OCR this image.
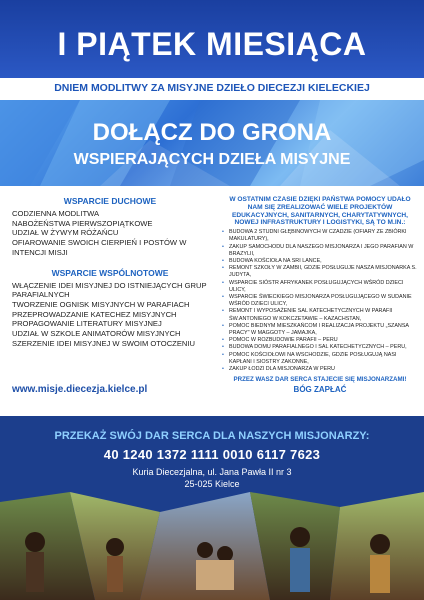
I PIĄTEK MIESIĄCA
DNIEM MODLITWY ZA MISYJNE DZIEŁO DIECEZJI KIELECKIEJ
DOŁĄCZ DO GRONA
WSPIERAJĄCYCH DZIEŁA MISYJNE
WSPARCIE DUCHOWE
CODZIENNA MODLITWA
NABOŻEŃSTWA PIERWSZOPIĄTKOWE
UDZIAŁ W ŻYWYM RÓŻAŃCU
OFIAROWANIE SWOICH CIERPIEŃ I POSTÓW W INTENCJI MISJI
WSPARCIE WSPÓLNOTOWE
WŁĄCZENIE IDEI MISYJNEJ DO ISTNIEJĄCYCH GRUP PARAFIALNYCH
TWORZENIE OGNISK MISYJNYCH W PARAFIACH
PRZEPROWADZANIE KATECHEZ MISYJNYCH
PROPAGOWANIE LITERATURY MISYJNEJ
UDZIAŁ W SZKOLE ANIMATORÓW MISYJNYCH
SZERZENIE IDEI MISYJNEJ W SWOIM OTOCZENIU
www.misje.diecezja.kielce.pl
W OSTATNIM CZASIE DZIĘKI PAŃSTWA POMOCY UDAŁO NAM SIĘ ZREALIZOWAĆ WIELE PROJEKTÓW EDUKACYJNYCH, SANITARNYCH, CHARYTATYWNYCH, NOWEJ INFRASTRUKTURY I LOGISTYKI, SĄ TO M.IN.:
• BUDOWA 2 STUDNI GŁĘBINOWYCH W CZADZIE (OFIARY ZE ZBIÓRKI MAKULATURY),
• ZAKUP SAMOCHODU DLA NASZEGO MISJONARZA I JEGO PARAFIAN W BRAZYLII,
• BUDOWA KOŚCIOŁA NA SRI LANCE,
• REMONT SZKOŁY W ZAMBII, GDZIE POSŁUGUJE NASZA MISJONARKA S. JUDYTA,
• WSPARCIE SIÓSTR AFRYKANEK POSŁUGUJĄCYCH WŚRÓD DZIECI ULICY,
• WSPARCIE ŚWIECKIEGO MISJONARZA POSŁUGUJĄCEGO W SUDANIE WŚRÓD DZIECI ULICY,
• REMONT I WYPOSAŻENIE SAL KATECHETYCZNYCH W PARAFII ŚW.ANTONIEGO W KOKCZETAWIE – KAZACHSTAN,
• POMOC BIEDNYM MIESZKAŃCOM I REALIZACJA PROJEKTU „SZANSA PRACY" W MAGGOTY – JAMAJKA,
• POMOC W ROZBUDOWIE PARAFII – PERU
• BUDOWA DOMU PARAFIALNEGO I SAL KATECHETYCZNYCH – PERU,
• POMOC KOŚCIOŁOWI NA WSCHODZIE, GDZIE POSŁUGUJĄ NASI KAPŁANI I SIOSTRY ZAKONNE,
• ZAKUP ŁODZI DLA MISJONARZA W PERU
PRZEZ WASZ DAR SERCA STAJECIE SIĘ MISJONARZAMI!
BÓG ZAPŁAĆ
PRZEKAŻ SWÓJ DAR SERCA DLA NASZYCH MISJONARZY:
40 1240 1372 1111 0010 6117 7623
Kuria Diecezjalna, ul. Jana Pawła II nr 3
25-025 Kielce
